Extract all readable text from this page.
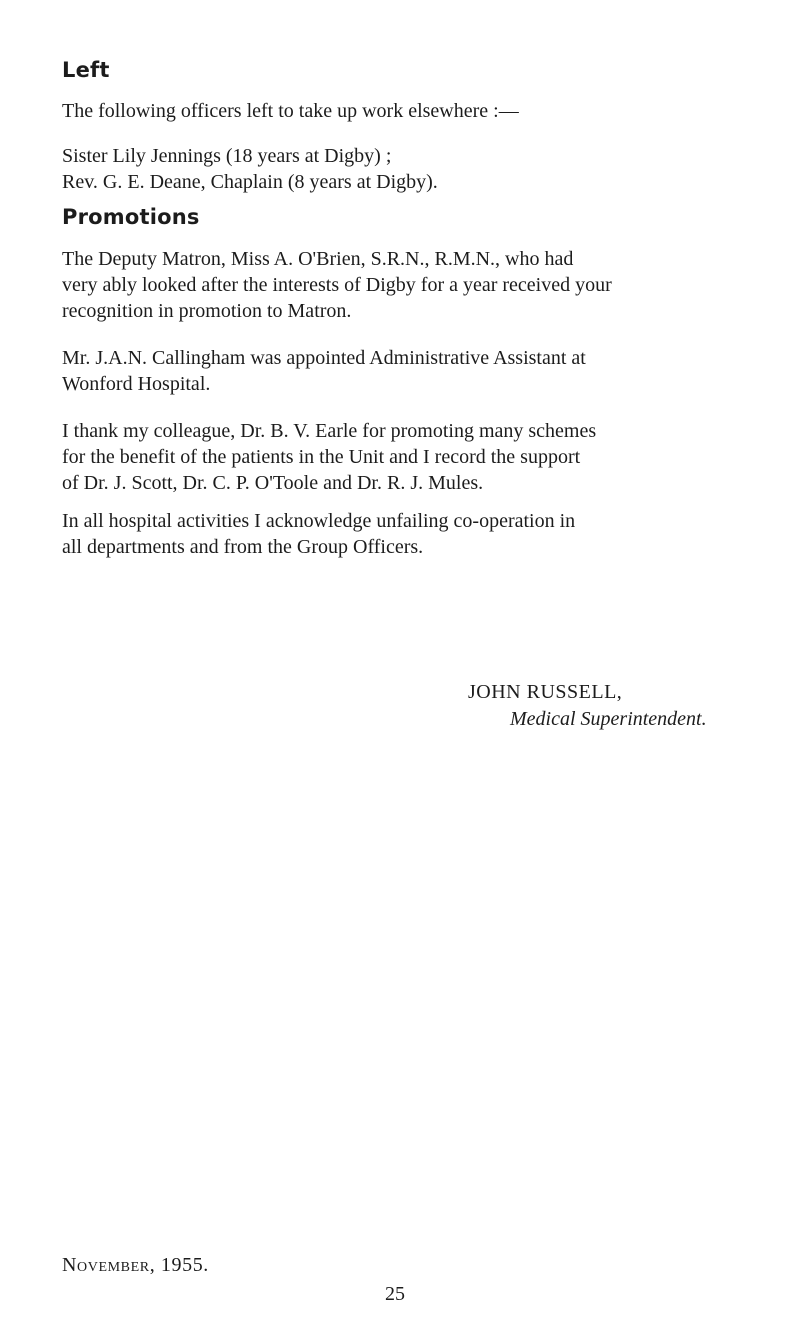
Left

The following officers left to take up work elsewhere :—

Sister Lily Jennings (18 years at Digby) ;
Rev. G. E. Deane, Chaplain (8 years at Digby).

Promotions

The Deputy Matron, Miss A. O'Brien, S.R.N., R.M.N., who had
very ably looked after the interests of Digby for a year received your
recognition in promotion to Matron.

Mr. J.A.N. Callingham was appointed Administrative Assistant at
Wonford Hospital.

I thank my colleague, Dr. B. V. Earle for promoting many schemes
for the benefit of the patients in the Unit and I record the support
of Dr. J. Scott, Dr. C. P. O'Toole and Dr. R. J. Mules.

In all hospital activities I acknowledge unfailing co-operation in
all departments and from the Group Officers.

JOHN RUSSELL,

Medical Superintendent.

November, 1955.

25
